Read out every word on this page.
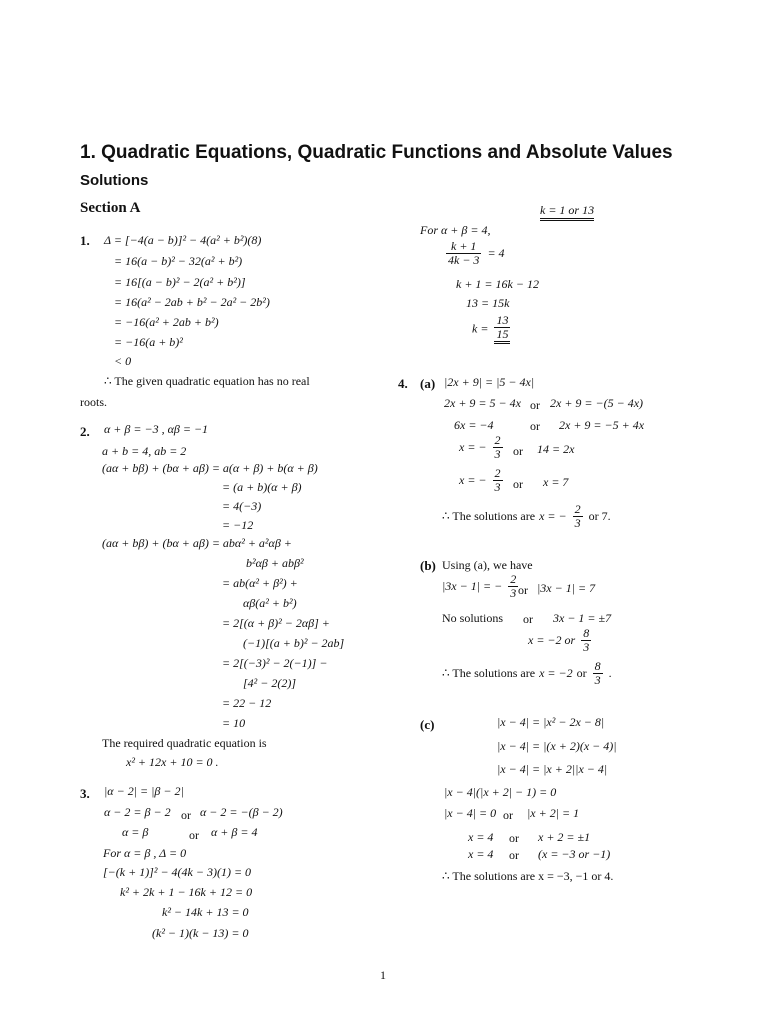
1. Quadratic Equations, Quadratic Functions and Absolute Values
Solutions
Section A
1. Δ = [−4(a − b)]² − 4(a² + b²)(8)
= 16(a − b)² − 32(a² + b²)
= 16[(a − b)² − 2(a² + b²)]
= 16(a² − 2ab + b² − 2a² − 2b²)
= −16(a² + 2ab + b²)
= −16(a + b)²
< 0
∴ The given quadratic equation has no real
roots.
2. α + β = −3 , αβ = −1
a + b = 4, ab = 2
(aα + bβ) + (bα + aβ) = a(α + β) + b(α + β)
= (a + b)(α + β)
= 4(−3)
= −12
(aα + bβ) + (bα + aβ) = abα² + a²αβ +
b²αβ + abβ²
= ab(α² + β²) +
αβ(a² + b²)
= 2[(α + β)² − 2αβ] +
(−1)[(a + b)² − 2ab]
= 2[(−3)² − 2(−1)] −
[4² − 2(2)]
= 22 − 12
= 10
The required quadratic equation is
x² + 12x + 10 = 0 .
3. |α − 2| = |β − 2|
α − 2 = β − 2 or α − 2 = −(β − 2)
α = β	or α + β = 4
For α = β , Δ = 0
[−(k + 1)]² − 4(4k − 3)(1) = 0
k² + 2k + 1 − 16k + 12 = 0
k² − 14k + 13 = 0
(k² − 1)(k − 13) = 0
k = 1 or 13
For α + β = 4,
$\frac{k + 1}{4k - 3} = 4$
k + 1 = 16k − 12
13 = 15k
$k = \frac{13}{15}$
4. (a) |2x + 9| = |5 − 4x|
2x + 9 = 5 − 4x or 2x + 9 = −(5 − 4x)
6x = −4	or 2x + 9 = −5 + 4x
x = − $\frac{2}{3}$ or 14 = 2x
x = − $\frac{2}{3}$ or x = 7
∴ The solutions are x = − $\frac{2}{3}$ or 7.
(b) Using (a), we have
|3x − 1| = − $\frac{2}{3}$ or |3x − 1| = 7
No solutions or 3x − 1 = ±7
x = −2 or $\frac{8}{3}$
∴ The solutions are x = −2 or $\frac{8}{3}$ .
(c)	|x − 4| = |x² − 2x − 8|
|x − 4| = |(x + 2)(x − 4)|
|x − 4| = |x + 2||x − 4|
|x − 4|(|x + 2| − 1) = 0
|x − 4| = 0 or |x + 2| = 1
x = 4 or x + 2 = ±1
x = 4 or (x = −3 or −1)
∴ The solutions are x = −3, −1 or 4.
1
